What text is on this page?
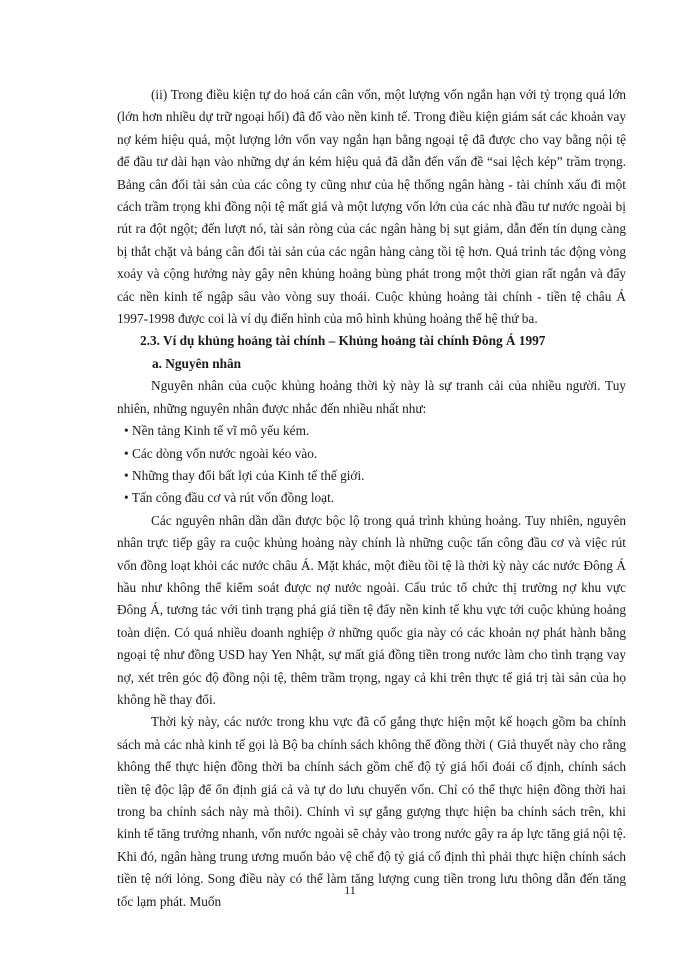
(ii) Trong điều kiện tự do hoá cán cân vốn, một lượng vốn ngắn hạn với tỷ trọng quá lớn (lớn hơn nhiều dự trữ ngoại hối) đã đổ vào nền kinh tế. Trong điều kiện giám sát các khoản vay nợ kém hiệu quả, một lượng lớn vốn vay ngắn hạn bằng ngoại tệ đã được cho vay bằng nội tệ để đầu tư dài hạn vào những dự án kém hiệu quả đã dẫn đến vấn đề “sai lệch kép” trầm trọng. Bảng cân đối tài sản của các công ty cũng như của hệ thống ngân hàng - tài chính xấu đi một cách trầm trọng khi đồng nội tệ mất giá và một lượng vốn lớn của các nhà đầu tư nước ngoài bị rút ra đột ngột; đến lượt nó, tài sản ròng của các ngân hàng bị sụt giảm, dẫn đến tín dụng càng bị thắt chặt và bảng cân đối tài sản của các ngân hàng càng tồi tệ hơn. Quá trình tác động vòng xoáy và cộng hưởng này gây nên khủng hoảng bùng phát trong một thời gian rất ngắn và đẩy các nền kinh tế ngập sâu vào vòng suy thoái. Cuộc khủng hoảng tài chính - tiền tệ châu Á 1997-1998 được coi là ví dụ điển hình của mô hình khủng hoảng thế hệ thứ ba.

2.3. Ví dụ khủng hoảng tài chính – Khủng hoảng tài chính Đông Á 1997
a. Nguyên nhân

Nguyên nhân của cuộc khủng hoảng thời kỳ này là sự tranh cải của nhiều người. Tuy nhiên, những nguyên nhân được nhắc đến nhiều nhất như:

• Nền tảng Kinh tế vĩ mô yếu kém.
• Các dòng vốn nước ngoài kéo vào.
• Những thay đổi bất lợi của Kinh tế thế giới.
• Tấn công đầu cơ và rút vốn đồng loạt.

Các nguyên nhân dần dần được bộc lộ trong quá trình khủng hoảng. Tuy nhiên, nguyên nhân trực tiếp gây ra cuộc khủng hoảng này chính là những cuộc tấn công đầu cơ và việc rút vốn đồng loạt khỏi các nước châu Á. Mặt khác, một điều tồi tệ là thời kỳ này các nước Đông Á hầu như không thể kiểm soát được nợ nước ngoài. Cấu trúc tổ chức thị trường nợ khu vực Đông Á, tương tác với tình trạng phá giá tiền tệ đẩy nền kinh tế khu vực tới cuộc khủng hoảng toàn diện. Có quá nhiều doanh nghiệp ở những quốc gia này có các khoản nợ phát hành bằng ngoại tệ như đồng USD hay Yen Nhật, sự mất giá đồng tiền trong nước làm cho tình trạng vay nợ, xét trên góc độ đồng nội tệ, thêm trầm trọng, ngay cả khi trên thực tế giá trị tài sản của họ không hề thay đổi.

Thời kỳ này, các nước trong khu vực đã cố gắng thực hiện một kế hoạch gồm ba chính sách mà các nhà kinh tế gọi là Bộ ba chính sách không thể đồng thời ( Giả thuyết này cho rằng không thể thực hiện đồng thời ba chính sách gồm chế độ tỷ giá hối đoái cố định, chính sách tiền tệ độc lập để ổn định giá cả và tự do lưu chuyển vốn. Chỉ có thể thực hiện đồng thời hai trong ba chính sách này mà thôi). Chính vì sự gắng gượng thực hiện ba chính sách trên, khi kinh tế tăng trưởng nhanh, vốn nước ngoài sẽ chảy vào trong nước gây ra áp lực tăng giá nội tệ. Khi đó, ngân hàng trung ương muốn bảo vệ chế độ tỷ giá cố định thì phải thực hiện chính sách tiền tệ nới lỏng. Song điều này có thể làm tăng lượng cung tiền trong lưu thông dẫn đến tăng tốc lạm phát. Muốn

11
